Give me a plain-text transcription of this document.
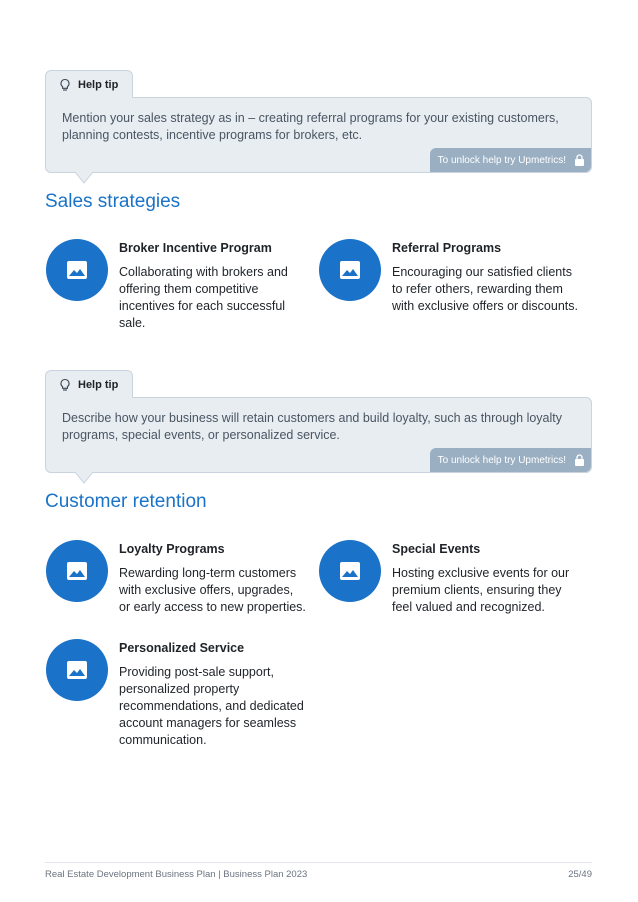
Help tip

Mention your sales strategy as in – creating referral programs for your existing customers, planning contests, incentive programs for brokers, etc.

To unlock help try Upmetrics!
Sales strategies
Broker Incentive Program

Collaborating with brokers and offering them competitive incentives for each successful sale.

Referral Programs

Encouraging our satisfied clients to refer others, rewarding them with exclusive offers or discounts.

Help tip

Describe how your business will retain customers and build loyalty, such as through loyalty programs, special events, or personalized service.

To unlock help try Upmetrics!
Customer retention
Loyalty Programs

Rewarding long-term customers with exclusive offers, upgrades, or early access to new properties.

Special Events

Hosting exclusive events for our premium clients, ensuring they feel valued and recognized.

Personalized Service

Providing post-sale support, personalized property recommendations, and dedicated account managers for seamless communication.

Real Estate Development Business Plan | Business Plan 2023	25/49
